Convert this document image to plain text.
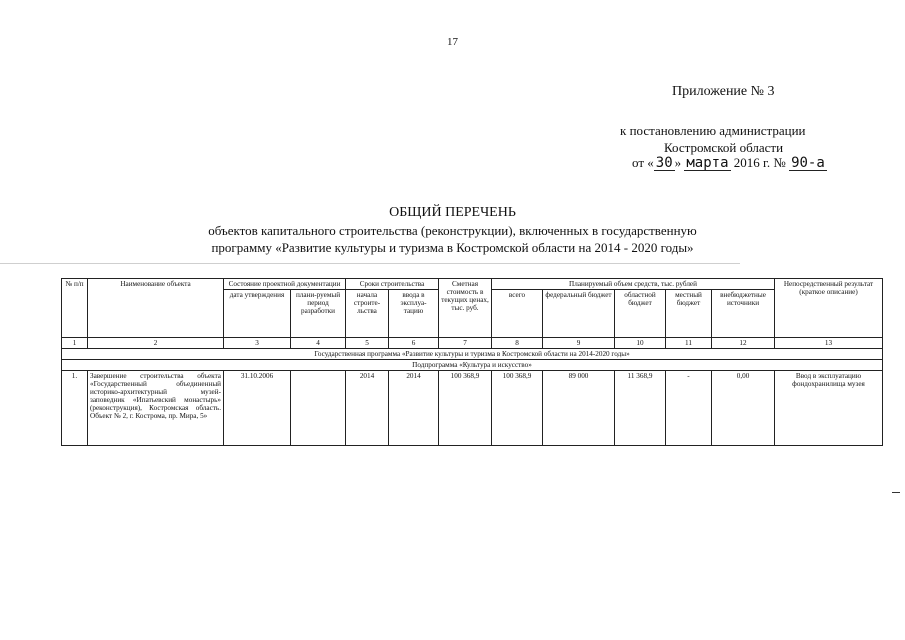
17
Приложение № 3
к постановлению администрации
Костромской области
от « 30 » марта 2016 г. № 90-а
ОБЩИЙ ПЕРЕЧЕНЬ
объектов капитального строительства (реконструкции), включенных в государственную
программу «Развитие культуры и туризма в Костромской области на 2014 - 2020 годы»
№ п/п	Наименование объекта	Состояние проектной документации		Сроки строительства		Сметная стоимость в текущих ценах, тыс. руб.	Планируемый объем средств, тыс. рублей					Непосредственный результат (краткое описание)
		дата утверждения	плани-руемый период разработки	начала строите-льства	ввода в эксплуа-тацию		всего	федеральный бюджет	областной бюджет	местный бюджет	внебюджетные источники	
1	2	3	4	5	6	7	8	9	10	11	12	13
Государственная программа «Развитие культуры и туризма в Костромской области на 2014-2020 годы»												
Подпрограмма «Культура и искусство»												
1.	Завершение строительства объекта «Государственный объединенный историко-архитектурный музей-заповедник «Ипатьевский монастырь» (реконструкция), Костромская область. Объект № 2, г. Кострома, пр. Мира, 5»	31.10.2006		2014	2014	100 368,9	100 368,9	89 000	11 368,9	-	0,00	Ввод в эксплуатацию фондохранилища музея
